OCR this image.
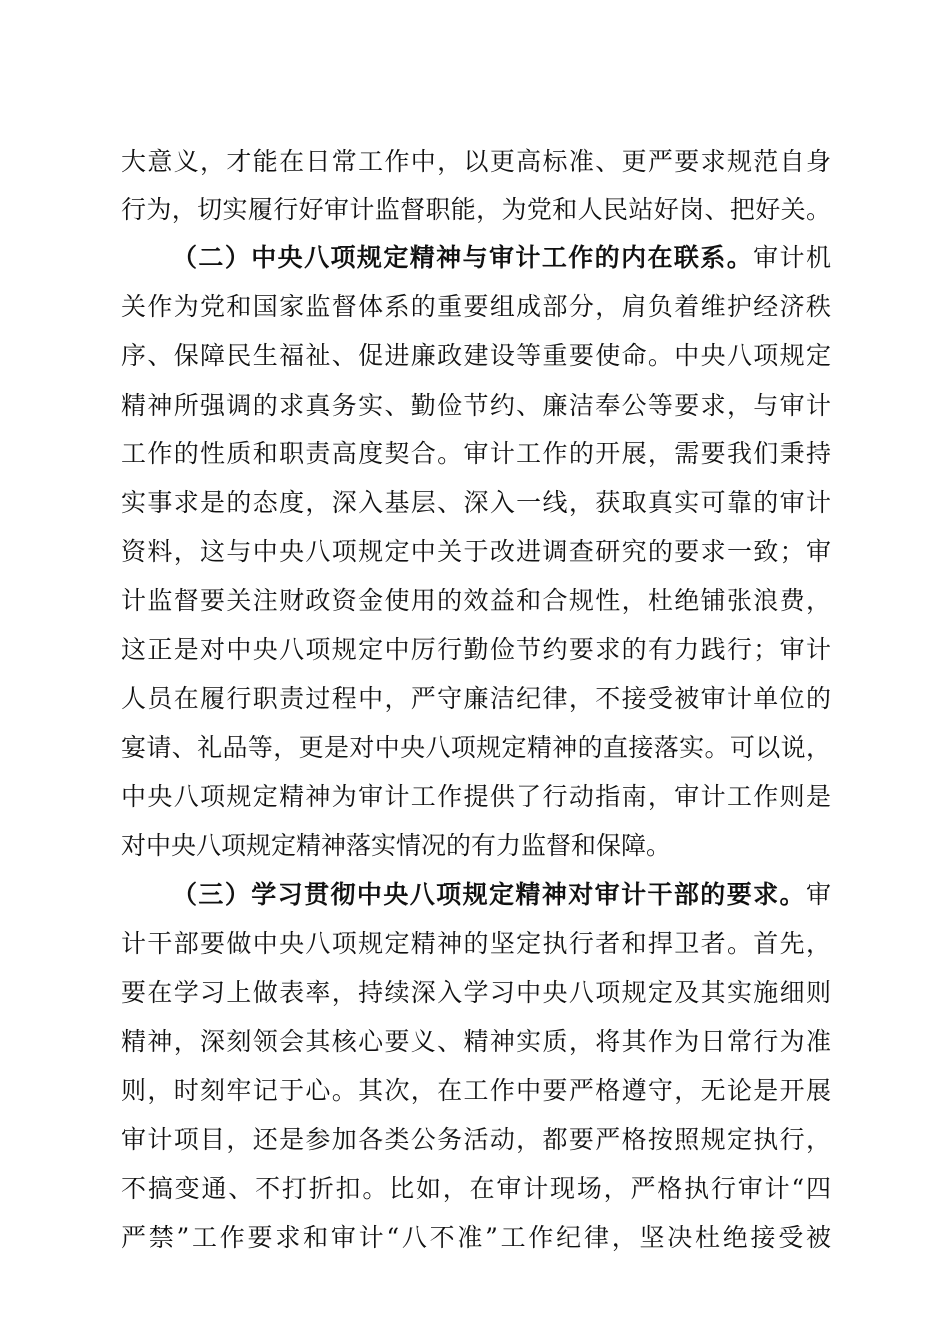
大意义，才能在日常工作中，以更高标准、更严要求规范自身
行为，切实履行好审计监督职能，为党和人民站好岗、把好关。
（二）中央八项规定精神与审计工作的内在联系。审计机
关作为党和国家监督体系的重要组成部分，肩负着维护经济秩
序、保障民生福祉、促进廉政建设等重要使命。中央八项规定
精神所强调的求真务实、勤俭节约、廉洁奉公等要求，与审计
工作的性质和职责高度契合。审计工作的开展，需要我们秉持
实事求是的态度，深入基层、深入一线，获取真实可靠的审计
资料，这与中央八项规定中关于改进调查研究的要求一致；审
计监督要关注财政资金使用的效益和合规性，杜绝铺张浪费，
这正是对中央八项规定中厉行勤俭节约要求的有力践行；审计
人员在履行职责过程中，严守廉洁纪律，不接受被审计单位的
宴请、礼品等，更是对中央八项规定精神的直接落实。可以说，
中央八项规定精神为审计工作提供了行动指南，审计工作则是
对中央八项规定精神落实情况的有力监督和保障。
（三）学习贯彻中央八项规定精神对审计干部的要求。审
计干部要做中央八项规定精神的坚定执行者和捍卫者。首先，
要在学习上做表率，持续深入学习中央八项规定及其实施细则
精神，深刻领会其核心要义、精神实质，将其作为日常行为准
则，时刻牢记于心。其次，在工作中要严格遵守，无论是开展
审计项目，还是参加各类公务活动，都要严格按照规定执行，
不搞变通、不打折扣。比如，在审计现场，严格执行审计“四
严禁”工作要求和审计“八不准”工作纪律，坚决杜绝接受被
